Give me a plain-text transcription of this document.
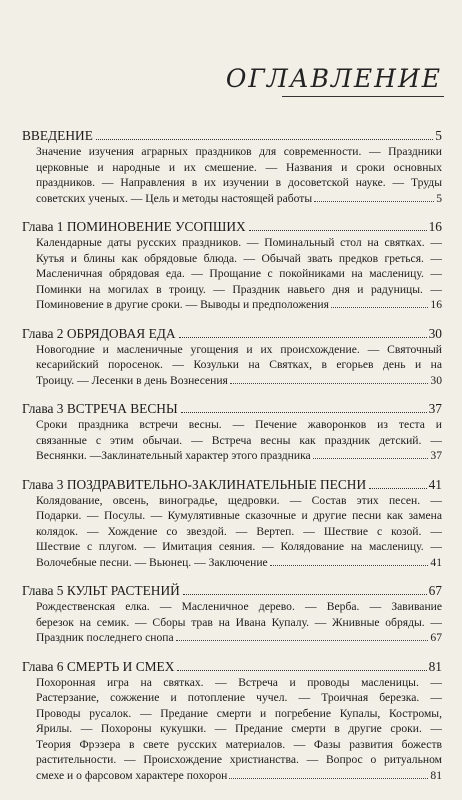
ОГЛАВЛЕНИЕ
ВВЕДЕНИЕ	5
Значение изучения аграрных праздников для современности. — Праздники
церковные и народные и их смешение. — Названия и сроки основных
праздников. — Направления в их изучении в досоветской науке. — Труды
советских ученых. — Цель и методы настоящей работы	5
Глава 1 ПОМИНОВЕНИЕ УСОПШИХ	16
Календарные даты русских праздников. — Поминальный стол на святках. —
Кутья и блины как обрядовые блюда. — Обычай звать предков греться. —
Масленичная обрядовая еда. — Прощание с покойниками на масленицу. —
Поминки на могилах в троицу. — Праздник навьего дня и радуницы. —
Поминовение в другие сроки. — Выводы и предположения	16
Глава 2 ОБРЯДОВАЯ ЕДА	30
Новогодние и масленичные угощения и их происхождение. — Святочный
кесарийский поросенок. — Козульки на Святках, в егорьев день и на
Троицу. — Лесенки в день Вознесения	30
Глава 3 ВСТРЕЧА ВЕСНЫ	37
Сроки праздника встречи весны. — Печение жаворонков из теста и
связанные с этим обычаи. — Встреча весны как праздник детский. —
Веснянки. —Заклинательный характер этого праздника	37
Глава 3 ПОЗДРАВИТЕЛЬНО-ЗАКЛИНАТЕЛЬНЫЕ ПЕСНИ	41
Колядование, овсень, виноградье, щедровки. — Состав этих песен. —
Подарки. — Посулы. — Кумулятивные сказочные и другие песни как замена
колядок. — Хождение со звездой. — Вертеп. — Шествие с козой. —
Шествие с плугом. — Имитация сеяния. — Колядование на масленицу. —
Волочебные песни. — Вьюнец. — Заключение	41
Глава 5 КУЛЬТ РАСТЕНИЙ	67
Рождественская елка. — Масленичное дерево. — Верба. — Завивание
березок на семик. — Сборы трав на Ивана Купалу. — Жнивные обряды. —
Праздник последнего снопа	67
Глава 6 СМЕРТЬ И СМЕХ	81
Похоронная игра на святках. — Встреча и проводы масленицы. —
Растерзание, сожжение и потопление чучел. — Троичная березка. —
Проводы русалок. — Предание смерти и погребение Купалы, Костромы,
Ярилы. — Похороны кукушки. — Предание смерти в другие сроки. —
Теория Фрэзера в свете русских материалов. — Фазы развития божеств
растительности. — Происхождение христианства. — Вопрос о ритуальном
смехе и о фарсовом характере похорон	81
